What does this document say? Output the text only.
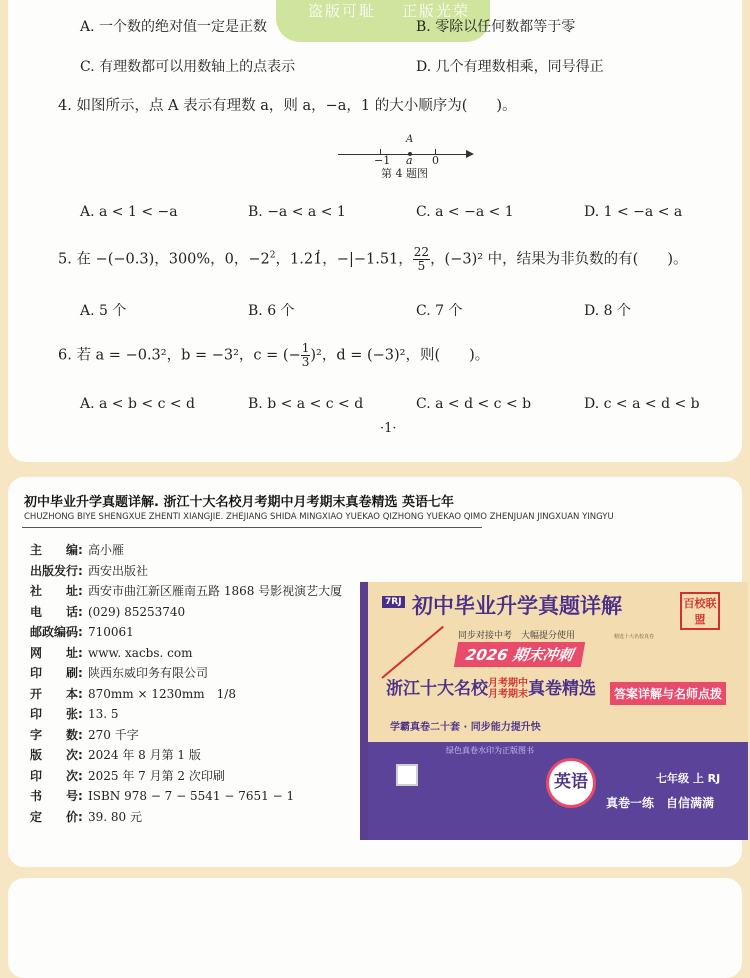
盗版可耻 正版光荣
A. 一个数的绝对值一定是正数	B. 零除以任何数都等于零
C. 有理数都可以用数轴上的点表示	D. 几个有理数相乘，同号得正
4. 如图所示，点 A 表示有理数 a，则 a，−a，1 的大小顺序为(　　)。
A
−1 a 0
第 4 题图
A. a < 1 < −a	B. −a < a < 1	C. a < −a < 1	D. 1 < −a < a
5. 在 −(−0.3)，300%，0，$-2^2$，1.21̇̇，−|−1.51， $\frac{22}{5}$ ，(−3)² 中，结果为非负数的有(　　)。
A. 5 个	B. 6 个	C. 7 个	D. 8 个
6. 若 a = −0.3²，b = −3²，c = (− $\frac{1}{3} )^2$，d = (−3)²，则(　　)。
A. a < b < c < d	B. b < a < c < d	C. a < d < c < b	D. c < a < d < b
·1·
初中毕业升学真题详解. 浙江十大名校月考期中月考期末真卷精选 英语七年
CHUZHONG BIYE SHENGXUE ZHENTI XIANGJIE. ZHEJIANG SHIDA MINGXIAO YUEKAO QIZHONG YUEKAO QIMO ZHENJUAN JINGXUAN YINGYU
主　　编: 高小雁
出版发行: 西安出版社
社　　址: 西安市曲江新区雁南五路 1868 号影视演艺大厦
电　　话: (029) 85253740
邮政编码: 710061
网　　址: www. xacbs. com
印　　刷: 陕西东威印务有限公司
开　　本: 870mm × 1230mm　1/8
印　　张: 13. 5
字　　数: 270 千字
版　　次: 2024 年 8 月第 1 版
印　　次: 2025 年 7 月第 2 次印刷
书　　号: ISBN 978 − 7 − 5541 − 7651 − 1
定　　价: 39. 80 元
7RJ 初中毕业升学真题详解	百校联盟
同步对接中考　大幅提分使用
2026 期末冲刺
精选十大名校真卷
浙江十大名校 月考期中
月考期末 真卷精选	答案详解与名师点拨
学霸真卷二十套 · 同步能力提升快
绿色真卷水印为正版图书
英语	七年级 上 RJ
真卷一练　自信满满
